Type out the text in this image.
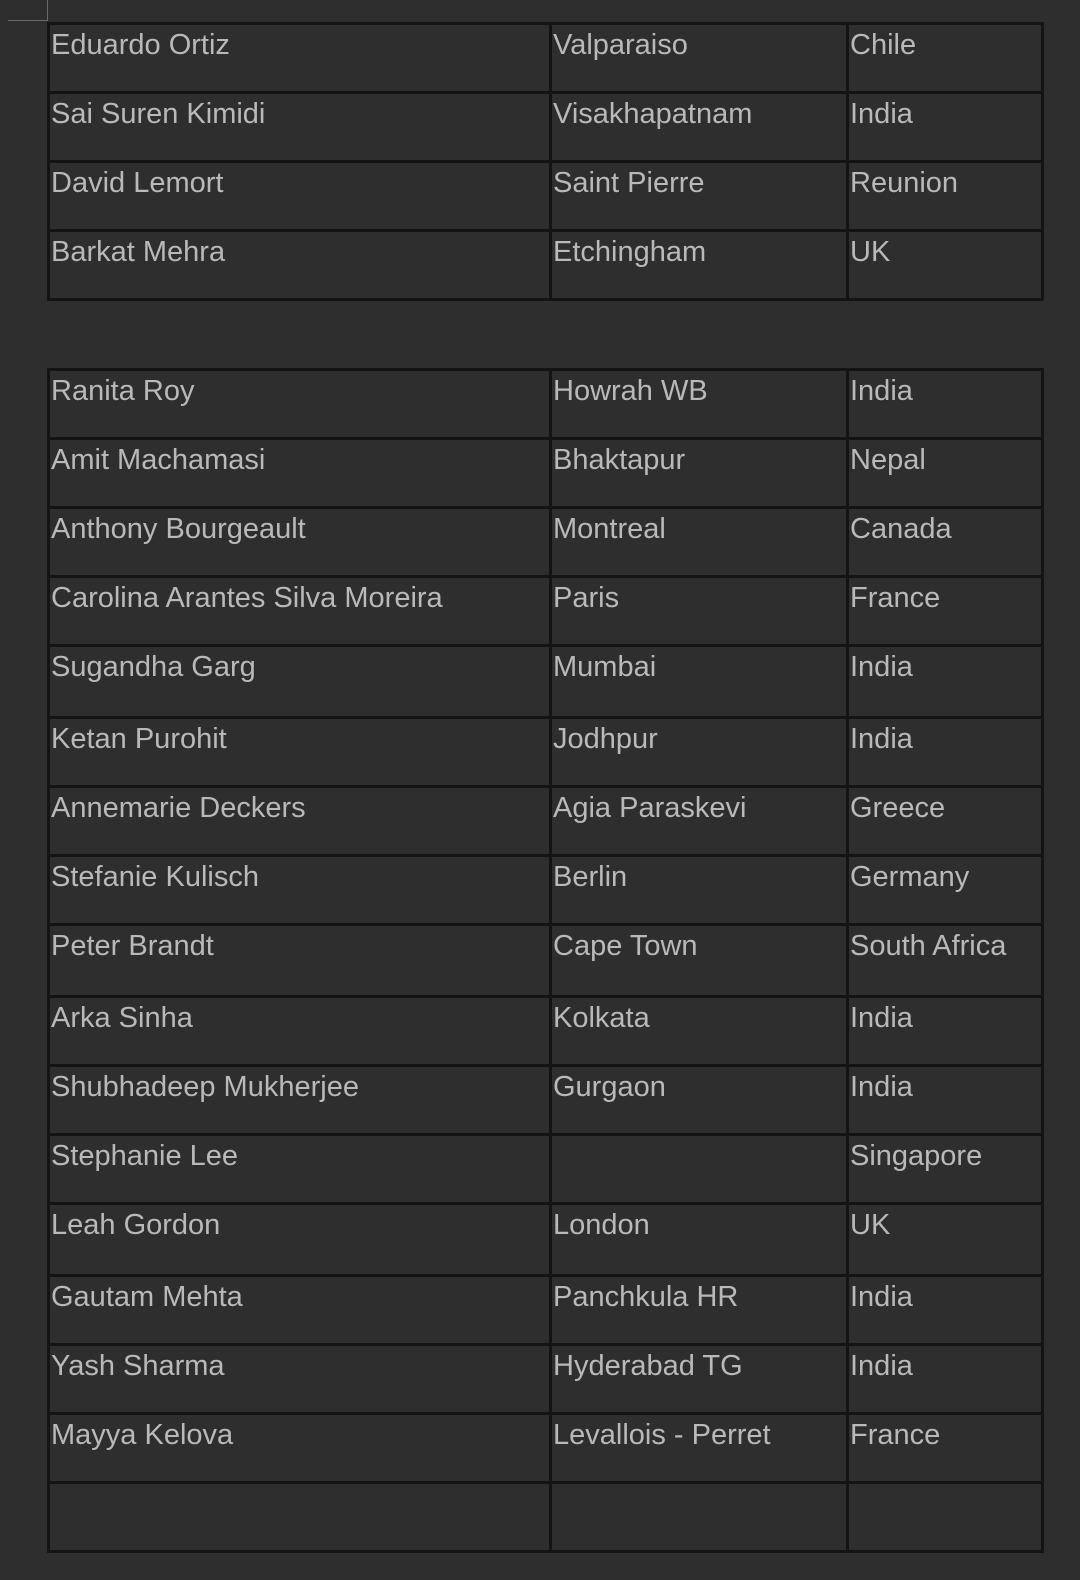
Eduardo Ortiz	Valparaiso	Chile
Sai Suren Kimidi	Visakhapatnam	India
David Lemort	Saint Pierre	Reunion
Barkat Mehra	Etchingham	UK
Ranita Roy	Howrah WB	India
Amit Machamasi	Bhaktapur	Nepal
Anthony Bourgeault	Montreal	Canada
Carolina Arantes Silva Moreira	Paris	France
Sugandha Garg	Mumbai	India
Ketan Purohit	Jodhpur	India
Annemarie Deckers	Agia Paraskevi	Greece
Stefanie Kulisch	Berlin	Germany
Peter Brandt	Cape Town	South Africa
Arka Sinha	Kolkata	India
Shubhadeep Mukherjee	Gurgaon	India
Stephanie Lee		Singapore
Leah Gordon	London	UK
Gautam Mehta	Panchkula HR	India
Yash Sharma	Hyderabad TG	India
Mayya Kelova	Levallois - Perret	France
